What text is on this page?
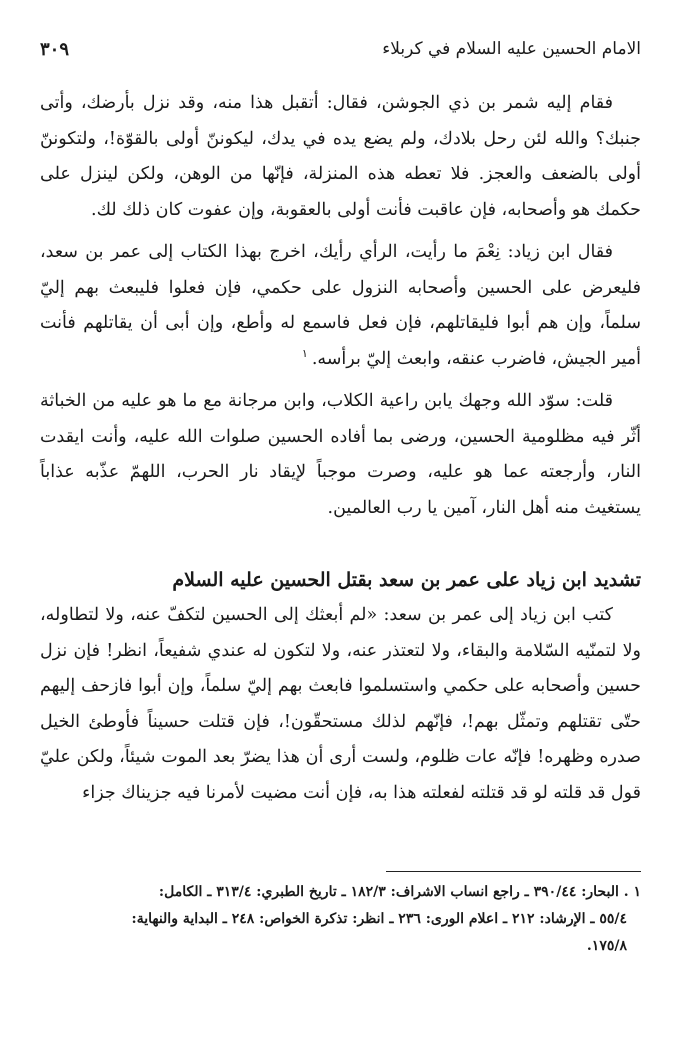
الامام الحسين عليه السلام في كربلاء
٣٠٩

فقام إليه شمر بن ذي الجوشن، فقال: أتقبل هذا منه، وقد نزل بأرضك، وأتى جنبك؟ والله لئن رحل بلادك، ولم يضع يده في يدك، ليكوننّ أولى بالقوّة!، ولتكوننّ أولى بالضعف والعجز. فلا تعطه هذه المنزلة، فإنّها من الوهن، ولكن لينزل على حكمك هو وأصحابه، فإن عاقبت فأنت أولى بالعقوبة، وإن عفوت كان ذلك لك.

فقال ابن زياد: نِعْمَ ما رأيت، الرأي رأيك، اخرج بهذا الكتاب إلى عمر بن سعد، فليعرض على الحسين وأصحابه النزول على حكمي، فإن فعلوا فليبعث بهم إليّ سلماً، وإن هم أبوا فليقاتلهم، فإن فعل فاسمع له وأطع، وإن أبى أن يقاتلهم فأنت أمير الجيش، فاضرب عنقه، وابعث إليّ برأسه.$^١$

قلت: سوّد الله وجهك يابن راعية الكلاب، وابن مرجانة مع ما هو عليه من الخباثة أثّر فيه مظلومية الحسين، ورضى بما أفاده الحسين صلوات الله عليه، وأنت ايقدت النار، وأرجعته عما هو عليه، وصرت موجباً لإيقاد نار الحرب، اللهمّ عذّبه عذاباً يستغيث منه أهل النار، آمين يا رب العالمين.

تشديد ابن زياد على عمر بن سعد بقتل الحسين عليه السلام

كتب ابن زياد إلى عمر بن سعد: «لم أبعثك إلى الحسين لتكفّ عنه، ولا لتطاوله، ولا لتمنّيه السّلامة والبقاء، ولا لتعتذر عنه، ولا لتكون له عندي شفيعاً، انظر! فإن نزل حسين وأصحابه على حكمي واستسلموا فابعث بهم إليّ سلماً، وإن أبوا فازحف إليهم حتّى تقتلهم وتمثّل بهم!، فإنّهم لذلك مستحقّون!، فإن قتلت حسيناً فأوطئ الخيل صدره وظهره! فإنّه عات ظلوم، ولست أرى أن هذا يضرّ بعد الموت شيئاً، ولكن عليّ قول قد قلته لو قد قتلته لفعلته هذا به، فإن أنت مضيت لأمرنا فيه جزيناك جزاء

١ . البحار: ٣٩٠/٤٤ ـ راجع انساب الاشراف: ١٨٢/٣ ـ تاريخ الطبري: ٣١٣/٤ ـ الكامل:

٥٥/٤ ـ الإرشاد: ٢١٢ ـ اعلام الورى: ٢٣٦ ـ انظر: تذكرة الخواص: ٢٤٨ ـ البداية والنهاية:

١٧٥/٨.
